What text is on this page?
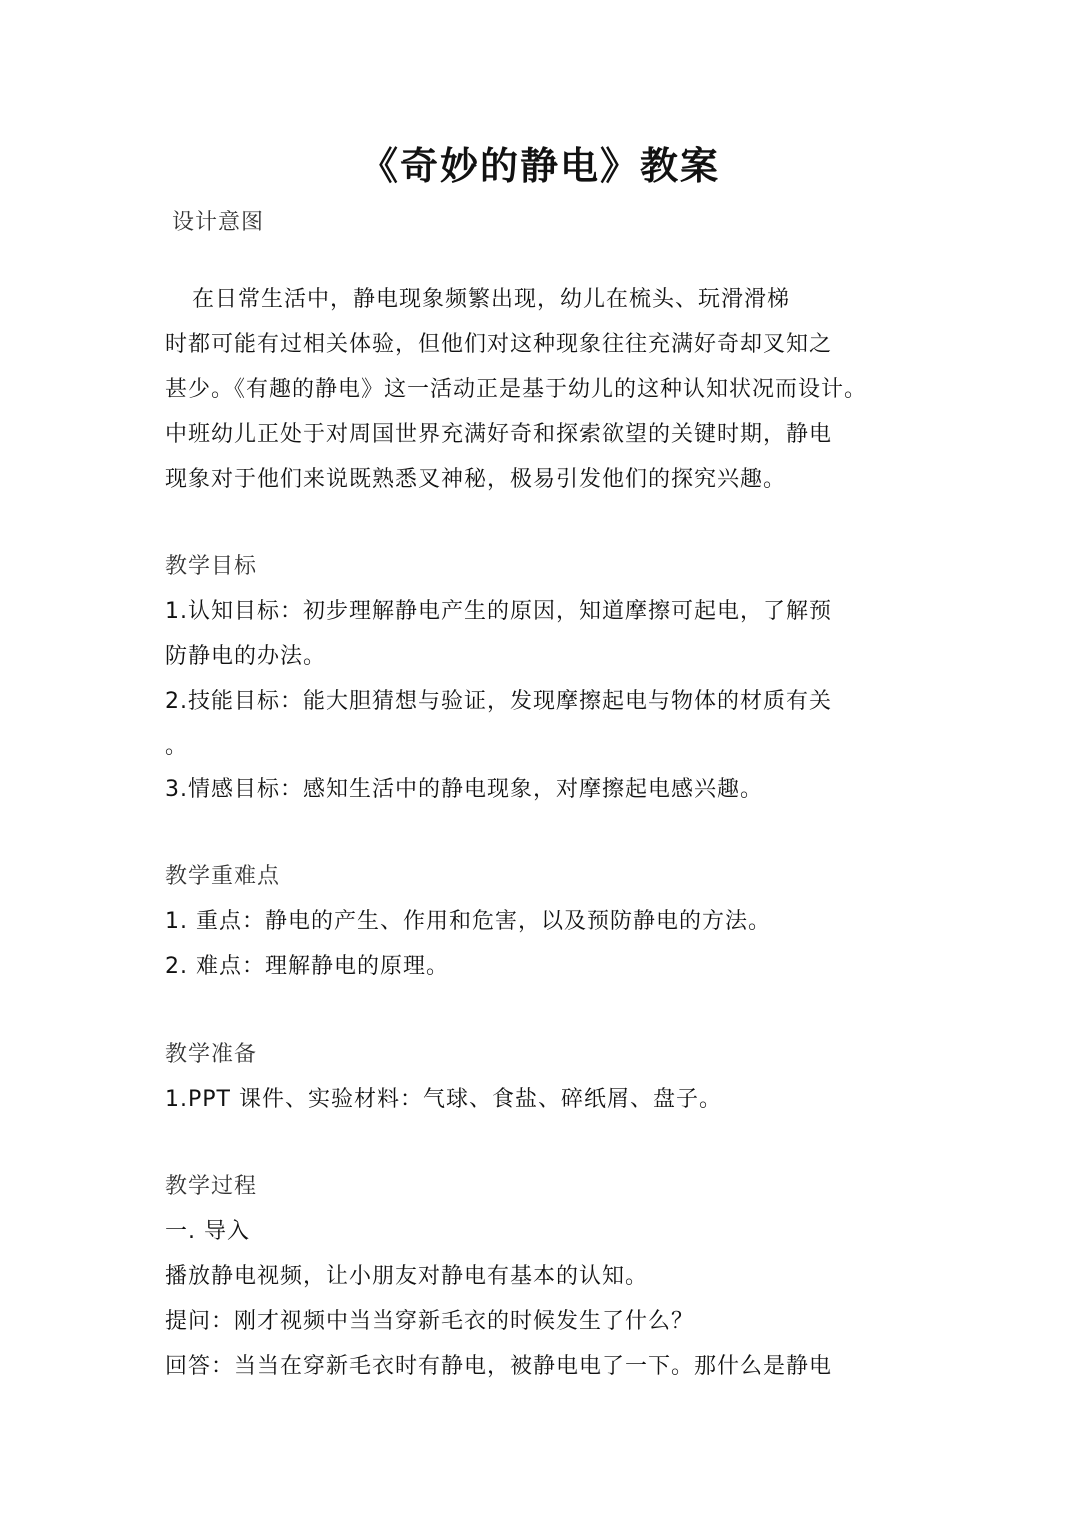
《奇妙的静电》教案
设计意图
在日常生活中，静电现象频繁出现，幼儿在梳头、玩滑滑梯
时都可能有过相关体验，但他们对这种现象往往充满好奇却叉知之
甚少。《有趣的静电》这一活动正是基于幼儿的这种认知状况而设计。
中班幼儿正处于对周国世界充满好奇和探索欲望的关键时期，静电
现象对于他们来说既熟悉叉神秘，极易引发他们的探究兴趣。
教学目标
1.认知目标：初步理解静电产生的原因，知道摩擦可起电，了解预
防静电的办法。
2.技能目标：能大胆猜想与验证，发现摩擦起电与物体的材质有关
。
3.情感目标：感知生活中的静电现象，对摩擦起电感兴趣。
教学重难点
1. 重点：静电的产生、作用和危害，以及预防静电的方法。
2. 难点：理解静电的原理。
教学准备
1.PPT 课件、实验材料：气球、食盐、碎纸屑、盘子。
教学过程
一. 导入
播放静电视频，让小朋友对静电有基本的认知。
提问：刚才视频中当当穿新毛衣的时候发生了什么？
回答：当当在穿新毛衣时有静电，被静电电了一下。那什么是静电
